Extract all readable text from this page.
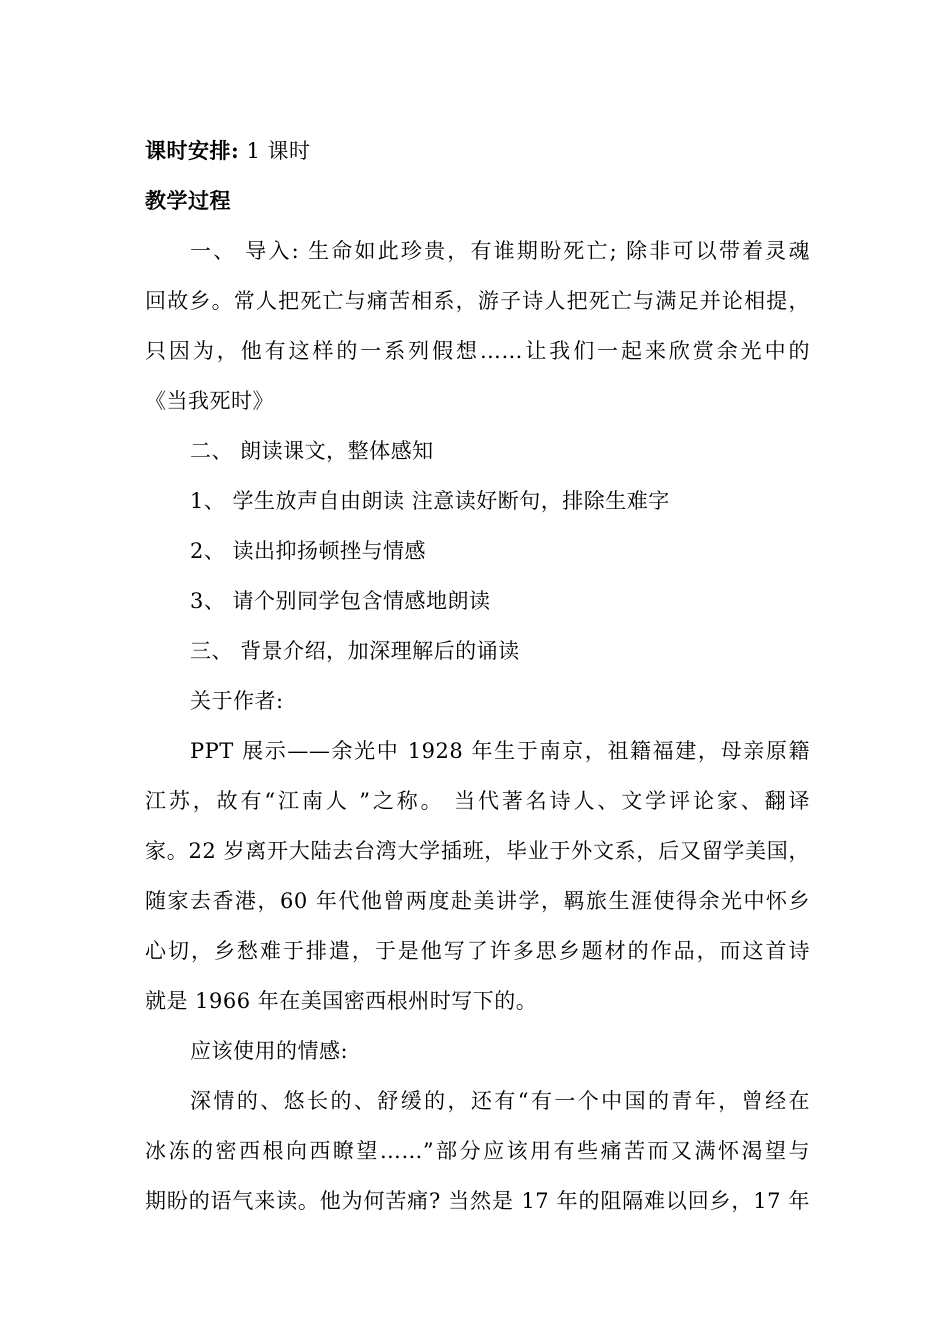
课时安排: 1 课时
教学过程
一、 导入: 生命如此珍贵，有谁期盼死亡; 除非可以带着灵魂
回故乡。常人把死亡与痛苦相系，游子诗人把死亡与满足并论相提，
只因为，他有这样的一系列假想……让我们一起来欣赏余光中的
《当我死时》
二、 朗读课文，整体感知
1、 学生放声自由朗读 注意读好断句，排除生难字
2、 读出抑扬顿挫与情感
3、 请个别同学包含情感地朗读
三、 背景介绍，加深理解后的诵读
关于作者:
PPT 展示——余光中 1928 年生于南京，祖籍福建，母亲原籍
江苏，故有“江南人 ”之称。 当代著名诗人、文学评论家、翻译
家。22 岁离开大陆去台湾大学插班，毕业于外文系，后又留学美国，
随家去香港，60 年代他曾两度赴美讲学，羁旅生涯使得余光中怀乡
心切，乡愁难于排遣，于是他写了许多思乡题材的作品，而这首诗
就是 1966 年在美国密西根州时写下的。
应该使用的情感:
深情的、悠长的、舒缓的，还有“有一个中国的青年，曾经在
冰冻的密西根向西瞭望……”部分应该用有些痛苦而又满怀渴望与
期盼的语气来读。他为何苦痛? 当然是 17 年的阻隔难以回乡，17 年
